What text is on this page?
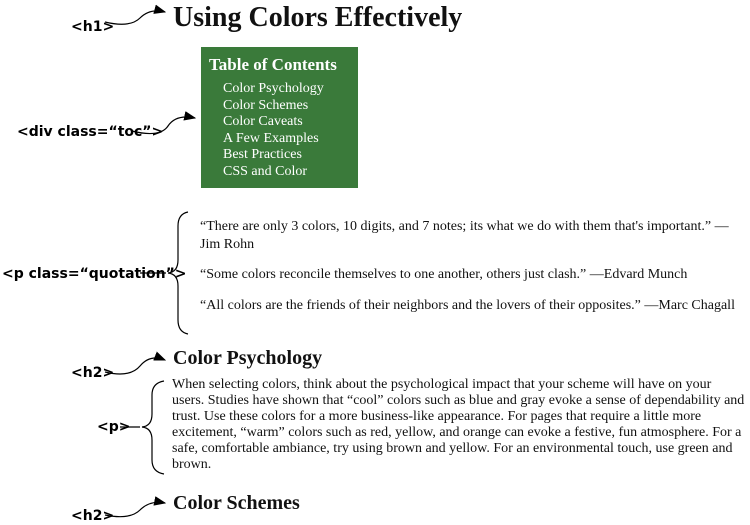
<h1>
<div class=“toc”>
<p class=“quotation”>
<h2>
<p>
<h2>
Using Colors Effectively
Table of Contents
Color Psychology
Color Schemes
Color Caveats
A Few Examples
Best Practices
CSS and Color

“There are only 3 colors, 10 digits, and 7 notes; its what we do with them that's important.” —Jim Rohn

“Some colors reconcile themselves to one another, others just clash.” —Edvard Munch

“All colors are the friends of their neighbors and the lovers of their opposites.” —Marc Chagall

Color Psychology

When selecting colors, think about the psychological impact that your scheme will have on your users. Studies have shown that “cool” colors such as blue and gray evoke a sense of dependability and trust. Use these colors for a more business-like appearance. For pages that require a little more excitement, “warm” colors such as red, yellow, and orange can evoke a festive, fun atmosphere. For a safe, comfortable ambiance, try using brown and yellow. For an environmental touch, use green and brown.

Color Schemes
